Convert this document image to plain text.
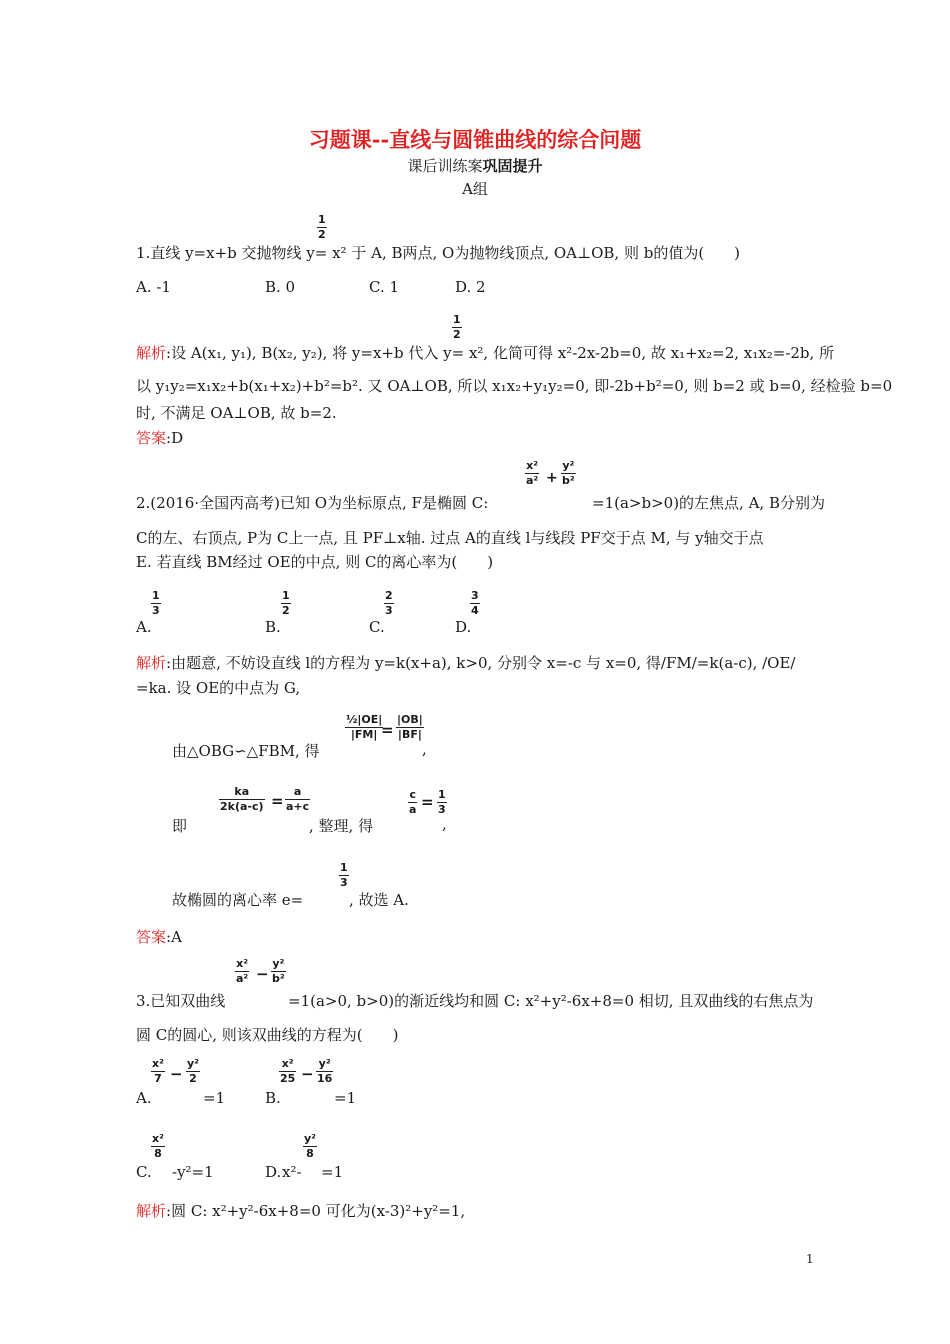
习题课--直线与圆锥曲线的综合问题
课后训练案巩固提升
A组
1
2
1.直线 y=x+b 交抛物线 y= x² 于 A, B两点, O为抛物线顶点, OA⊥OB, 则 b的值为(　　)
A. -1	B. 0	C. 1	D. 2
1
2
解析:设 A(x₁, y₁), B(x₂, y₂), 将 y=x+b 代入 y= x², 化简可得 x²-2x-2b=0, 故 x₁+x₂=2, x₁x₂=-2b, 所
以 y₁y₂=x₁x₂+b(x₁+x₂)+b²=b². 又 OA⊥OB, 所以 x₁x₂+y₁y₂=0, 即-2b+b²=0, 则 b=2 或 b=0, 经检验 b=0
时, 不满足 OA⊥OB, 故 b=2.
答案:D
x²
a² +
y²
b²
2.(2016·全国丙高考)已知 O为坐标原点, F是椭圆 C:	=1(a>b>0)的左焦点, A, B分别为
C的左、右顶点, P为 C上一点, 且 PF⊥x轴. 过点 A的直线 l与线段 PF交于点 M, 与 y轴交于点
E. 若直线 BM经过 OE的中点, 则 C的离心率为(　　)
1
3
A.
1
2
B.
2
3
C.
3
4
D.
解析:由题意, 不妨设直线 l的方程为 y=k(x+a), k>0, 分别令 x=-c 与 x=0, 得/FM/=k(a-c), /OE/
=ka. 设 OE的中点为 G,
½|OE|
|FM| =
|OB|
|BF|
由△OBG∽△FBM, 得	,
ka
2k(a-c) =
a
a+c
c
a = 1
3
即	, 整理, 得	,
1
3
故椭圆的离心率 e=	, 故选 A.
答案:A
x²
a² −
y²
b²
3.已知双曲线	=1(a>0, b>0)的渐近线均和圆 C: x²+y²-6x+8=0 相切, 且双曲线的右焦点为
圆 C的圆心, 则该双曲线的方程为(　　)
x²
7 −
y²
2
A.	=1
x²
25 −
y²
16
B.	=1
x²
8
C. -y²=1
y²
8
D. x²- =1
解析:圆 C: x²+y²-6x+8=0 可化为(x-3)²+y²=1,
1
